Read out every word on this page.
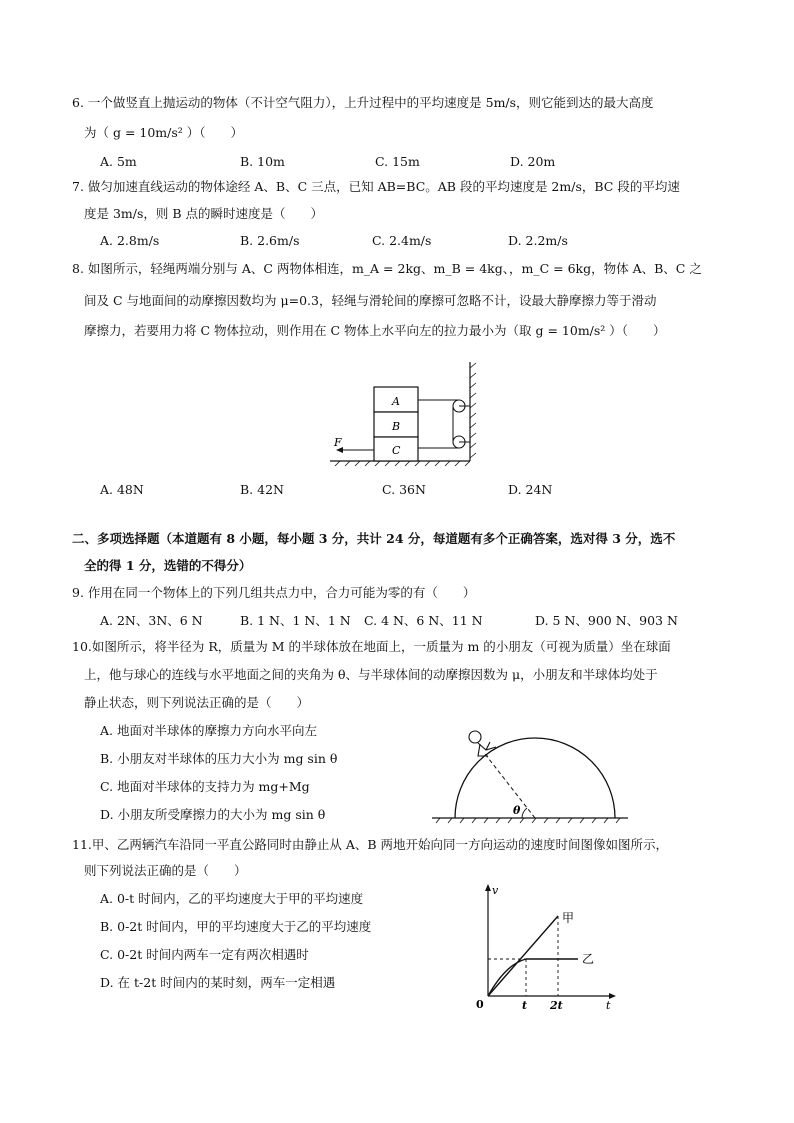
6. 一个做竖直上抛运动的物体（不计空气阻力），上升过程中的平均速度是 5m/s，则它能到达的最大高度
为（ g = 10m/s² ）（　　）
A. 5m	B. 10m	C. 15m	D. 20m
7. 做匀加速直线运动的物体途经 A、B、C 三点，已知 AB=BC。AB 段的平均速度是 2m/s，BC 段的平均速
度是 3m/s，则 B 点的瞬时速度是（　　）
A. 2.8m/s	B. 2.6m/s	C. 2.4m/s	D. 2.2m/s
8. 如图所示，轻绳两端分别与 A、C 两物体相连，m_A = 2kg、m_B = 4kg、，m_C = 6kg，物体 A、B、C 之
间及 C 与地面间的动摩擦因数均为 μ=0.3，轻绳与滑轮间的摩擦可忽略不计，设最大静摩擦力等于滑动
摩擦力，若要用力将 C 物体拉动，则作用在 C 物体上水平向左的拉力最小为（取 g = 10m/s² ）（　　）
A
B
C
F
A. 48N	B. 42N	C. 36N	D. 24N
二、多项选择题（本道题有 8 小题，每小题 3 分，共计 24 分，每道题有多个正确答案，选对得 3 分，选不
全的得 1 分，选错的不得分）
9. 作用在同一个物体上的下列几组共点力中，合力可能为零的有（　　）
A. 2N、3N、6 N	B. 1 N、1 N、1 N C. 4 N、6 N、11 N	D. 5 N、900 N、903 N
10.如图所示，将半径为 R，质量为 M 的半球体放在地面上，一质量为 m 的小朋友（可视为质量）坐在球面
上，他与球心的连线与水平地面之间的夹角为 θ、与半球体间的动摩擦因数为 μ，小朋友和半球体均处于
静止状态，则下列说法正确的是（　　）
A. 地面对半球体的摩擦力方向水平向左
B. 小朋友对半球体的压力大小为 mg sin θ
C. 地面对半球体的支持力为 mg+Mg
D. 小朋友所受摩擦力的大小为 mg sin θ	θ
11.甲、乙两辆汽车沿同一平直公路同时由静止从 A、B 两地开始向同一方向运动的速度时间图像如图所示，
则下列说法正确的是（　　）
A. 0-t 时间内，乙的平均速度大于甲的平均速度
B. 0-2t 时间内，甲的平均速度大于乙的平均速度
C. 0-2t 时间内两车一定有两次相遇时
D. 在 t-2t 时间内的某时刻，两车一定相遇
v
t
0
甲
乙
t 2t
